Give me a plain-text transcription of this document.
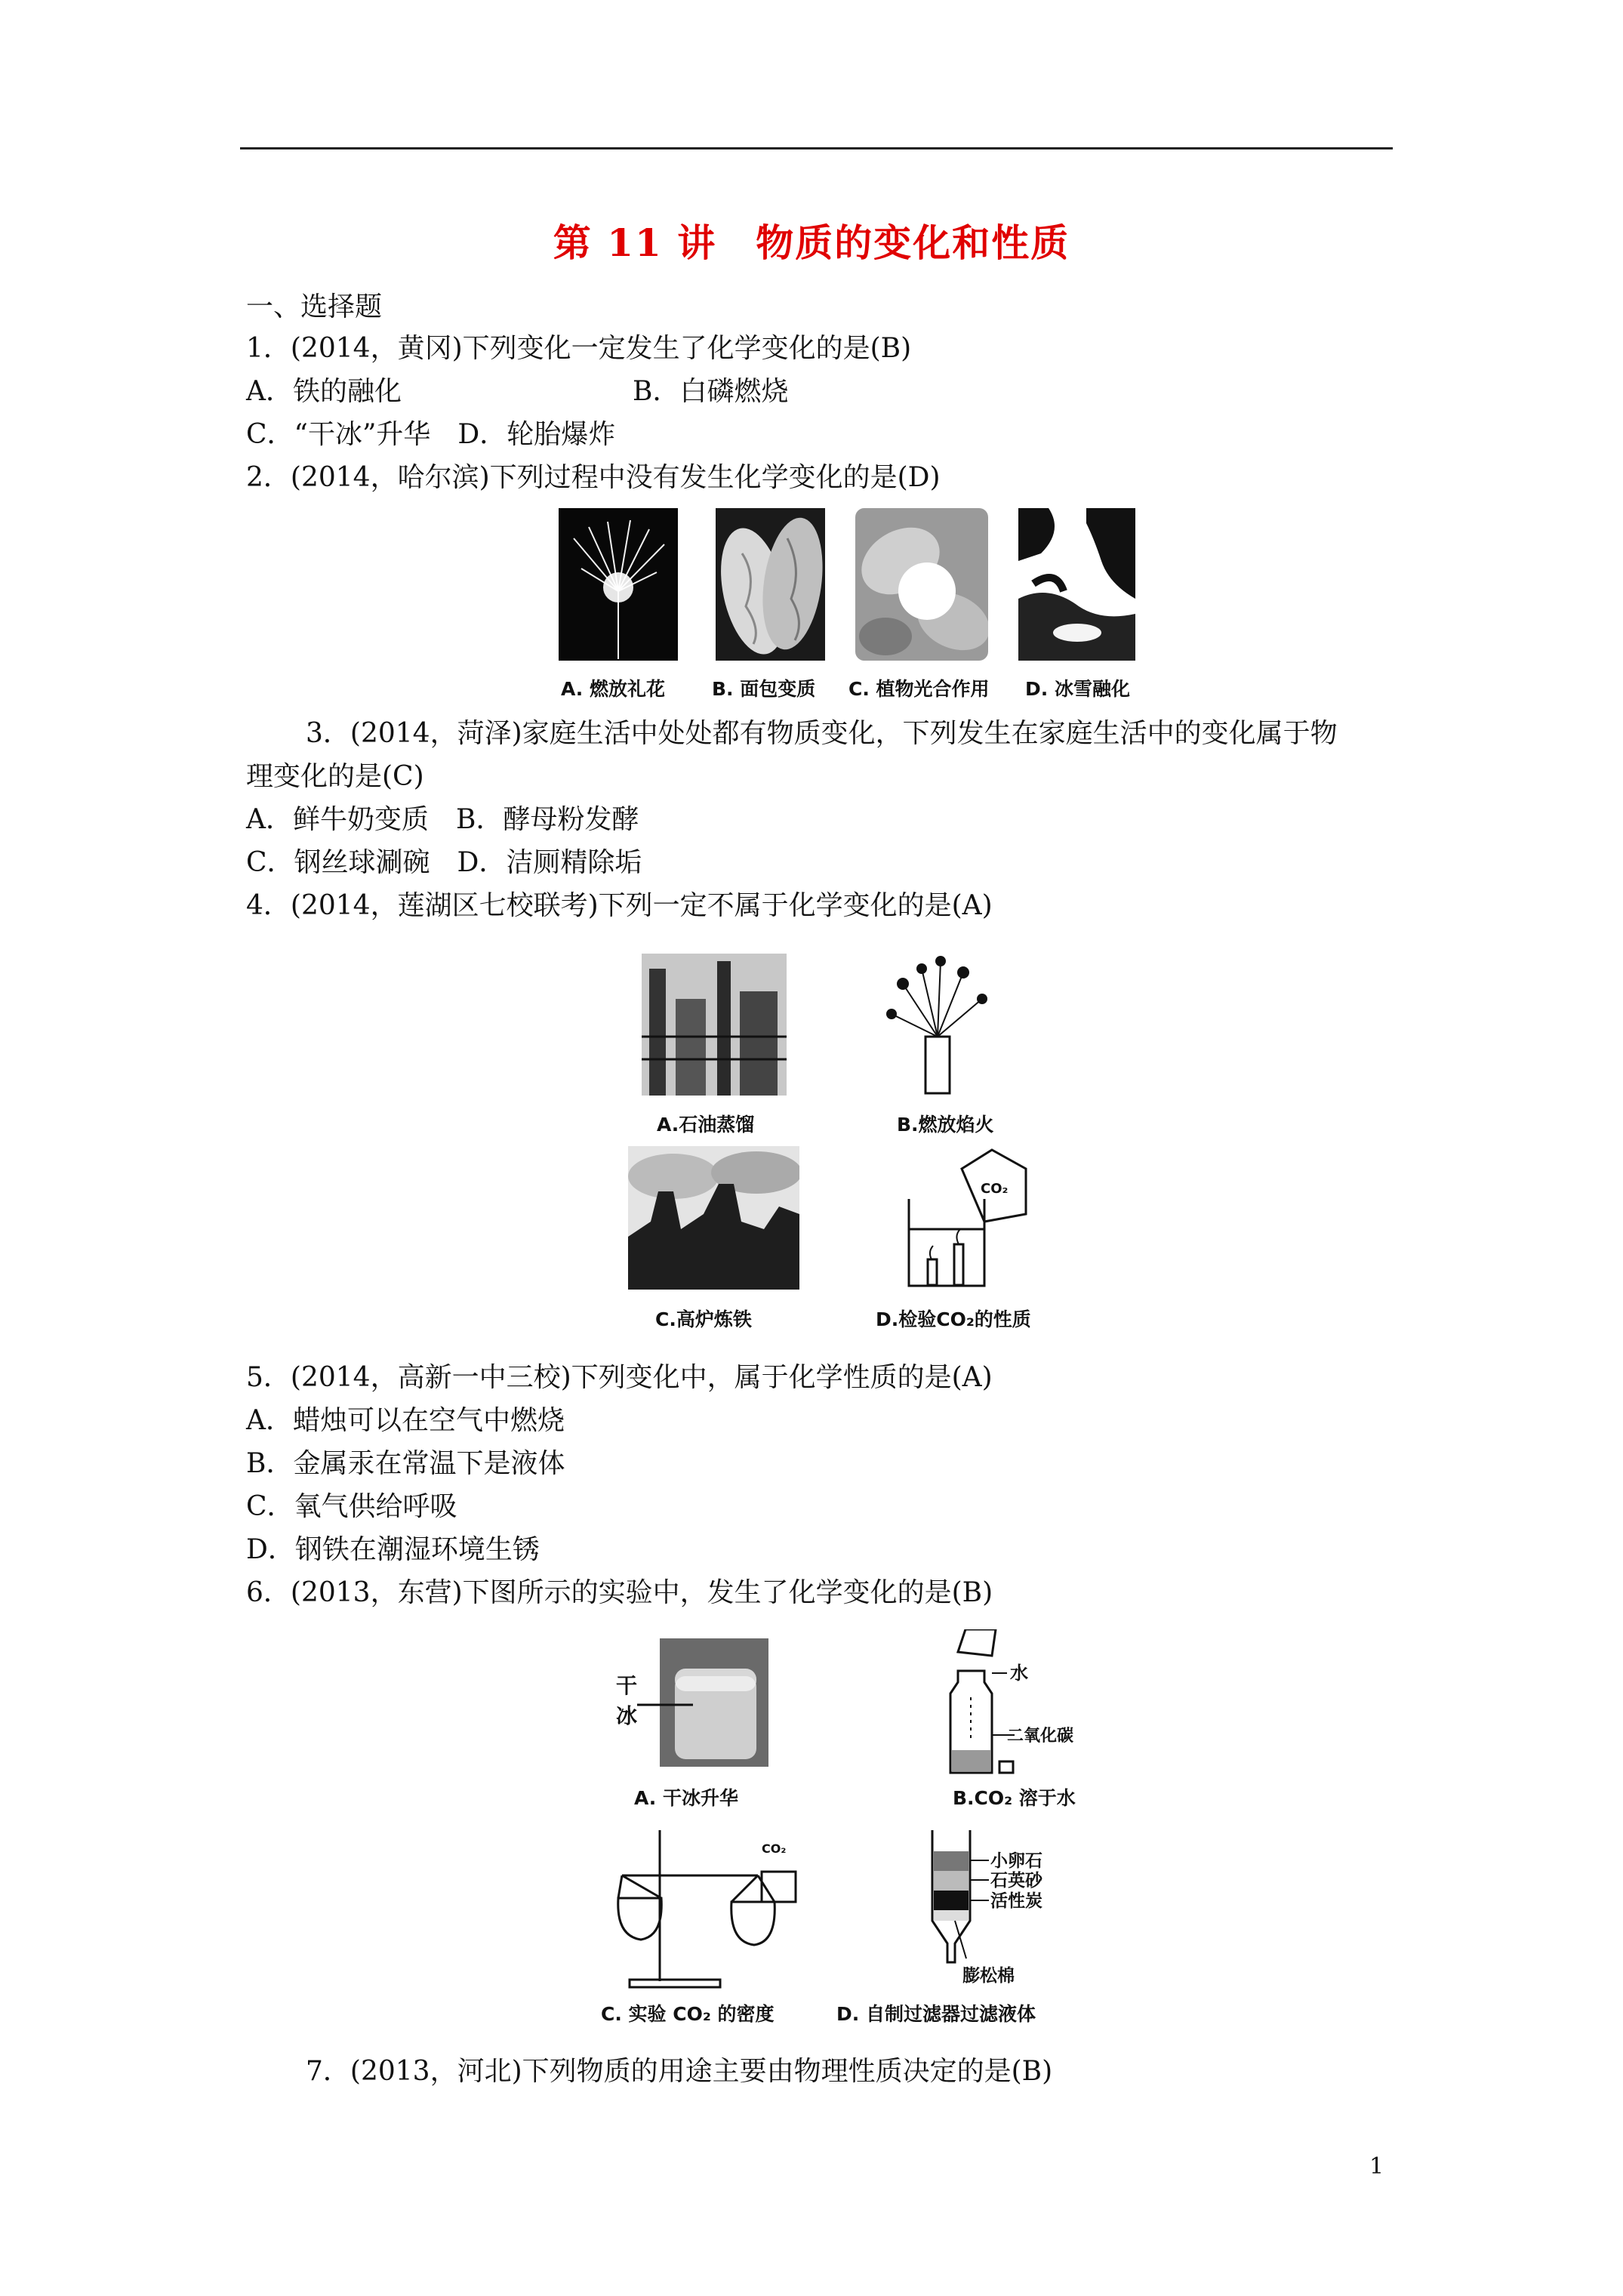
第 11 讲　物质的变化和性质
一、选择题
1．(2014，黄冈)下列变化一定发生了化学变化的是(B)
A．铁的融化	B．白磷燃烧
C．“干冰”升华　D．轮胎爆炸
2．(2014，哈尔滨)下列过程中没有发生化学变化的是(D)
A. 燃放礼花 B. 面包变质 C. 植物光合作用 D. 冰雪融化
3．(2014，菏泽)家庭生活中处处都有物质变化，下列发生在家庭生活中的变化属于物
理变化的是(C)
A．鲜牛奶变质　B．酵母粉发酵
C．钢丝球涮碗　D．洁厕精除垢
4．(2014，莲湖区七校联考)下列一定不属于化学变化的是(A)
A.石油蒸馏	B.燃放焰火
CO₂
C.高炉炼铁	D.检验CO₂的性质
5．(2014，高新一中三校)下列变化中，属于化学性质的是(A)
A．蜡烛可以在空气中燃烧
B．金属汞在常温下是液体
C．氧气供给呼吸
D．钢铁在潮湿环境生锈
6．(2013，东营)下图所示的实验中，发生了化学变化的是(B)
干
冰
水
二氧化碳
A. 干冰升华	B.CO₂ 溶于水
CO₂
小卵石
石英砂
活性炭
膨松棉
C. 实验 CO₂ 的密度	D. 自制过滤器过滤液体
7．(2013，河北)下列物质的用途主要由物理性质决定的是(B)
1
